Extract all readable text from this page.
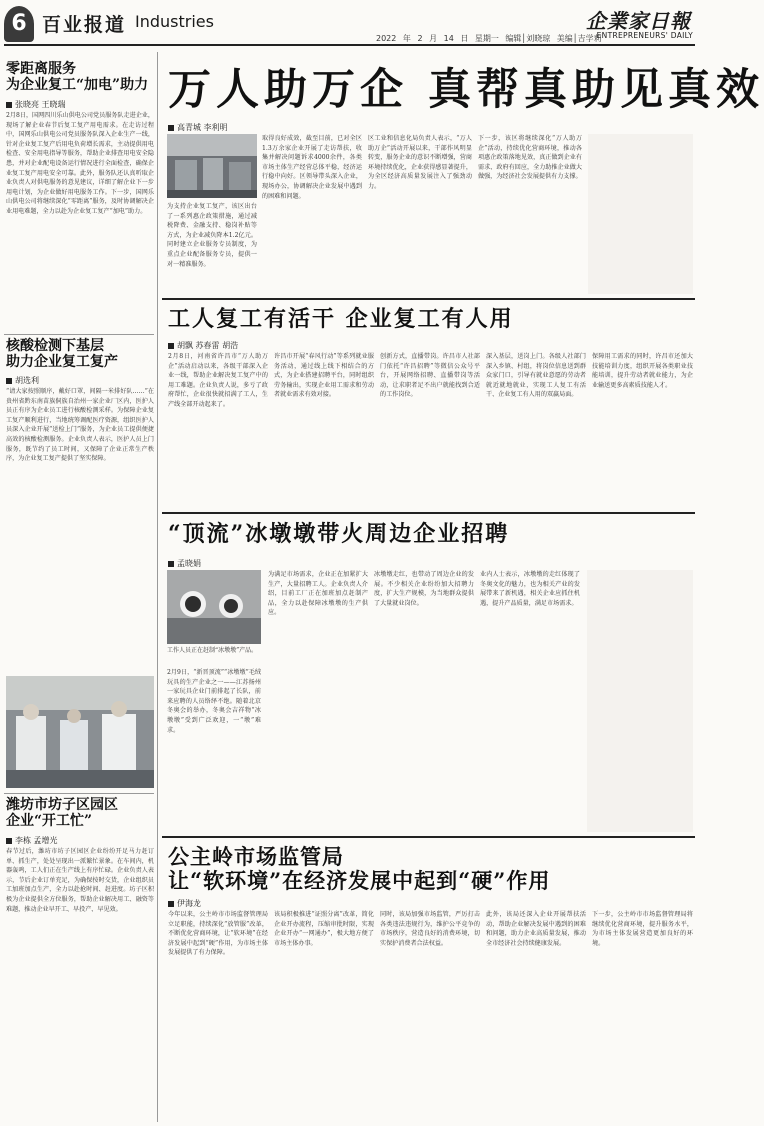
6 百业报道 Industries
2022 年 2 月 14 日 星期一 编辑│刘晓琼 美编│吉学莉
企業家日報
ENTREPRENEURS' DAILY
零距离服务
为企业复工“加电”助力
张晓亮 王晓瑞
2月8日，国网四川乐山供电公司党员服务队走进企业，现场了解企业春节后复工复产用电需求。在走访过程中，国网乐山供电公司党员服务队深入企业生产一线，针对企业复工复产后用电负荷增长需求，主动提供用电检查、安全用电指导等服务，帮助企业排查用电安全隐患，并对企业配电设备运行情况进行全面检查，确保企业复工复产用电安全可靠。此外，服务队还认真听取企业负责人对供电服务的意见建议，详细了解企业下一步用电计划，为企业做好用电服务工作。下一步，国网乐山供电公司将继续深化“零距离”服务，及时协调解决企业用电难题，全力以赴为企业复工复产“加电”助力。
核酸检测下基层
助力企业复工复产
胡选利
“请大家按照顺序，戴好口罩，间隔一米排好队……”在贵州省黔东南苗族侗族自治州一家企业厂区内，医护人员正有序为企业员工进行核酸检测采样。为保障企业复工复产顺利进行，当地统筹调配医疗资源，组织医护人员深入企业开展“送检上门”服务，为企业员工提供便捷高效的核酸检测服务。企业负责人表示，医护人员上门服务，既节约了员工时间，又保障了企业正常生产秩序，为企业复工复产提供了坚实保障。
潍坊市坊子区园区
企业“开工忙”
李栋 孟增光
春节过后，潍坊市坊子区园区企业纷纷开足马力赶订单、抓生产，处处呈现出一派繁忙景象。在车间内，机器轰鸣，工人们正在生产线上有序忙碌。企业负责人表示，节后企业订单充足，为确保按时交货，企业组织员工加班加点生产，全力以赴抢时间、赶进度。坊子区积极为企业提供全方位服务，帮助企业解决用工、融资等难题，推动企业早开工、早投产、早见效。
万人助万企 真帮真助见真效
高青城 李利明
取得良好成效，截至目前，已对全区1.3万余家企业开展了走访帮扶，收集并解决问题诉求4000余件，各类市场主体生产经营总体平稳，经济运行稳中向好。区领导带头深入企业，现场办公，协调解决企业发展中遇到的困难和问题。
为支持企业复工复产，该区出台了一系列惠企政策措施，通过减税降费、金融支持、稳岗补贴等方式，为企业减负降本1.2亿元。同时建立企业服务专员制度，为重点企业配备服务专员，提供一对一精准服务。
区工业和信息化局负责人表示，“万人助万企”活动开展以来，干部作风明显转变，服务企业的意识不断增强，营商环境持续优化，企业获得感显著提升，为全区经济高质量发展注入了强劲动力。
下一步，该区将继续深化“万人助万企”活动，持续优化营商环境，推动各项惠企政策落地见效，真正做到企业有需求、政府有回应，全力助推企业做大做强，为经济社会发展提供有力支撑。
工人复工有活干 企业复工有人用
胡飘 苏春雷 胡浩
2月8日，河南省许昌市“万人助万企”活动启动以来，各级干部深入企业一线，帮助企业解决复工复产中的用工难题。企业负责人说，多亏了政府帮忙，企业很快就招满了工人，生产线全部开动起来了。
许昌市开展“春风行动”等系列就业服务活动，通过线上线下相结合的方式，为企业搭建招聘平台，同时组织劳务输出，实现企业用工需求和劳动者就业需求有效对接。
创新方式，直播带岗。许昌市人社部门依托“许昌招聘”等微信公众号平台，开展网络招聘、直播带岗等活动，让求职者足不出户就能找到合适的工作岗位。
深入基层，送岗上门。各级人社部门深入乡镇、村组，将岗位信息送到群众家门口，引导有就业意愿的劳动者就近就地就业，实现工人复工有活干、企业复工有人用的双赢局面。
保障用工需求的同时，许昌市还加大技能培训力度，组织开展各类职业技能培训，提升劳动者就业能力，为企业输送更多高素质技能人才。
“顶流”冰墩墩带火周边企业招聘
孟晓娟
工作人员正在赶制“冰墩墩”产品。
2月9日，“新晋顶流”“冰墩墩”毛绒玩具的生产企业之一——江苏扬州一家玩具企业门前排起了长队，前来应聘的人员络绎不绝。随着北京冬奥会的举办，冬奥会吉祥物“冰墩墩”受到广泛欢迎，一“墩”难求。
为满足市场需求，企业正在加紧扩大生产，大量招聘工人。企业负责人介绍，目前工厂正在加班加点赶制产品，全力以赴保障冰墩墩的生产供应。
冰墩墩走红，也带动了周边企业的发展。不少相关企业纷纷加大招聘力度，扩大生产规模，为当地群众提供了大量就业岗位。
业内人士表示，冰墩墩的走红体现了冬奥文化的魅力，也为相关产业的发展带来了新机遇，相关企业应抓住机遇，提升产品质量，满足市场需求。
公主岭市场监管局
让“软环境”在经济发展中起到“硬”作用
伊海龙
今年以来，公主岭市市场监督管理局立足职能，持续深化“放管服”改革，不断优化营商环境，让“软环境”在经济发展中起到“硬”作用，为市场主体发展提供了有力保障。
该局积极推进“证照分离”改革，简化企业开办流程，压缩审批时限，实现企业开办“一网通办”，极大地方便了市场主体办事。
同时，该局加强市场监管，严厉打击各类违法违规行为，维护公平竞争的市场秩序，营造良好的消费环境，切实保护消费者合法权益。
此外，该局还深入企业开展帮扶活动，帮助企业解决发展中遇到的困难和问题，助力企业高质量发展，推动全市经济社会持续健康发展。
下一步，公主岭市市场监督管理局将继续优化营商环境，提升服务水平，为市场主体发展营造更加良好的环境。
